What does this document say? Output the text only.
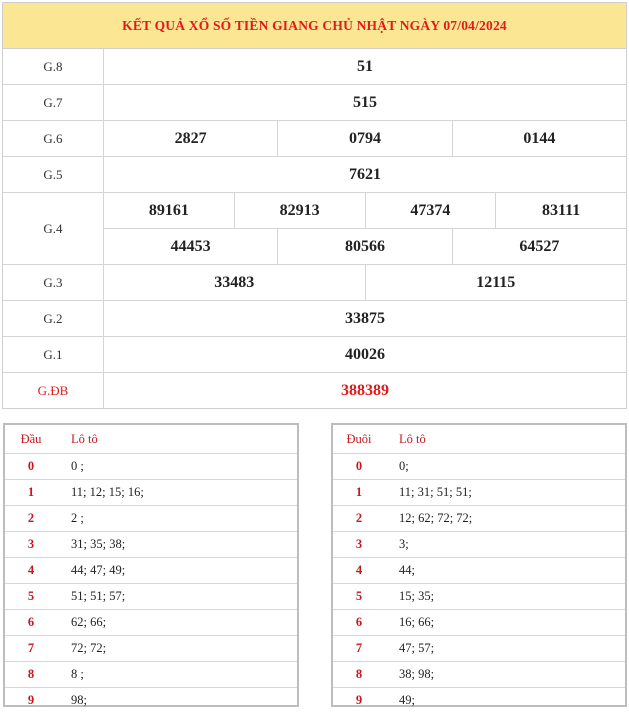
KẾT QUẢ XỔ SỐ TIỀN GIANG CHỦ NHẬT NGÀY 07/04/2024
G.8	51
G.7	515
G.6	2827	0794	0144
G.5	7621
G.4
89161	82913	47374	83111
44453	80566	64527
G.3	33483	12115
G.2	33875
G.1	40026
G.ĐB	388389
Đầu	Lô tô
0	0 ;
1	11; 12; 15; 16;
2	2 ;
3	31; 35; 38;
4	44; 47; 49;
5	51; 51; 57;
6	62; 66;
7	72; 72;
8	8 ;
9	98;
Đuôi	Lô tô
0	0;
1	11; 31; 51; 51;
2	12; 62; 72; 72;
3	3;
4	44;
5	15; 35;
6	16; 66;
7	47; 57;
8	38; 98;
9	49;
